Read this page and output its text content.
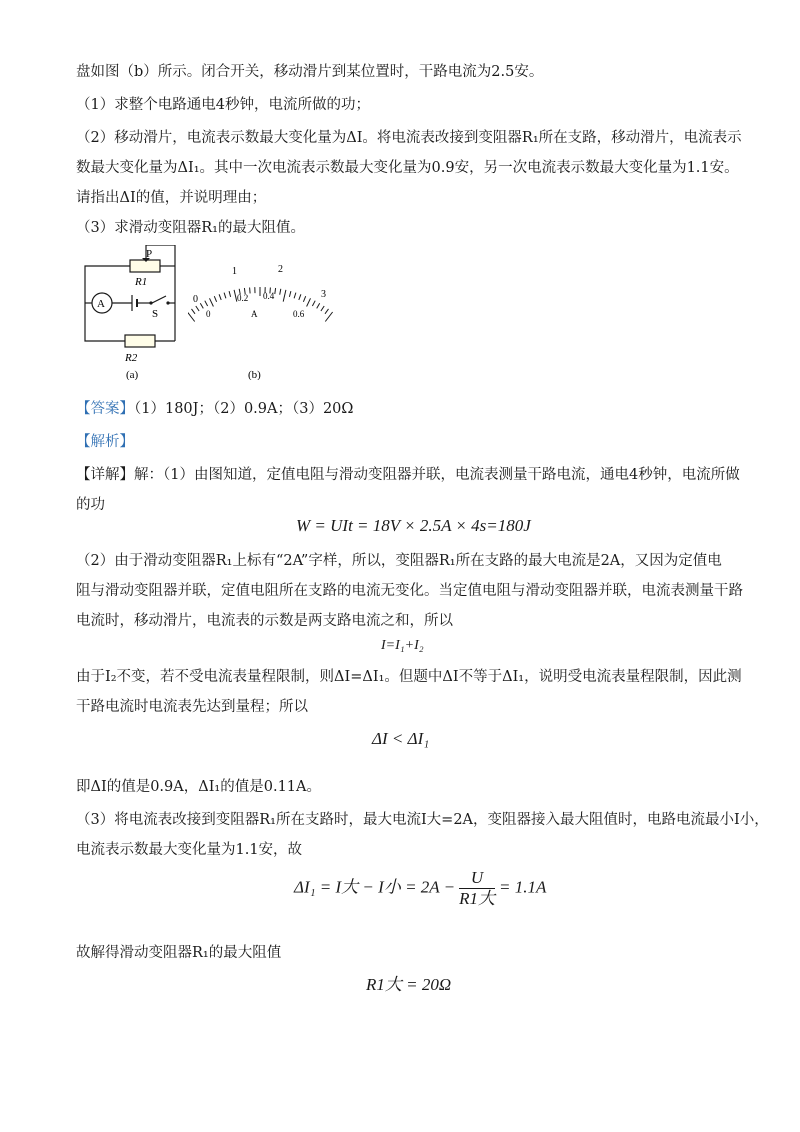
盘如图（b）所示。闭合开关，移动滑片到某位置时，干路电流为2.5安。
（1）求整个电路通电4秒钟，电流所做的功；
（2）移动滑片，电流表示数最大变化量为ΔI。将电流表改接到变阻器R₁所在支路，移动滑片，电流表示
数最大变化量为ΔI₁。其中一次电流表示数最大变化量为0.9安，另一次电流表示数最大变化量为1.1安。
请指出ΔI的值，并说明理由；
（3）求滑动变阻器R₁的最大阻值。
P
A
R1
S
R2
(a)
0
1	2
3
0
0.2 0.4
0.6
A
(b)
【答案】（1）180J；（2）0.9A；（3）20Ω
【解析】
【详解】解：（1）由图知道，定值电阻与滑动变阻器并联，电流表测量干路电流，通电4秒钟，电流所做
的功
W = UIt = 18V × 2.5A × 4s=180J
（2）由于滑动变阻器R₁上标有“2A”字样，所以，变阻器R₁所在支路的最大电流是2A，又因为定值电
阻与滑动变阻器并联，定值电阻所在支路的电流无变化。当定值电阻与滑动变阻器并联，电流表测量干路
电流时，移动滑片，电流表的示数是两支路电流之和，所以
I=I₁+I₂
由于I₂不变，若不受电流表量程限制，则ΔI=ΔI₁。但题中ΔI不等于ΔI₁，说明受电流表量程限制，因此测
干路电流时电流表先达到量程；所以
ΔI < ΔI₁
即ΔI的值是0.9A，ΔI₁的值是0.11A。
（3）将电流表改接到变阻器R₁所在支路时，最大电流I大=2A，变阻器接入最大阻值时，电路电流最小I小，
电流表示数最大变化量为1.1安，故
ΔI₁ = I大 − I小 = $2A - \frac{U}{\text{R1大}} = 1.1A$
故解得滑动变阻器R₁的最大阻值
R1大 = 20Ω
